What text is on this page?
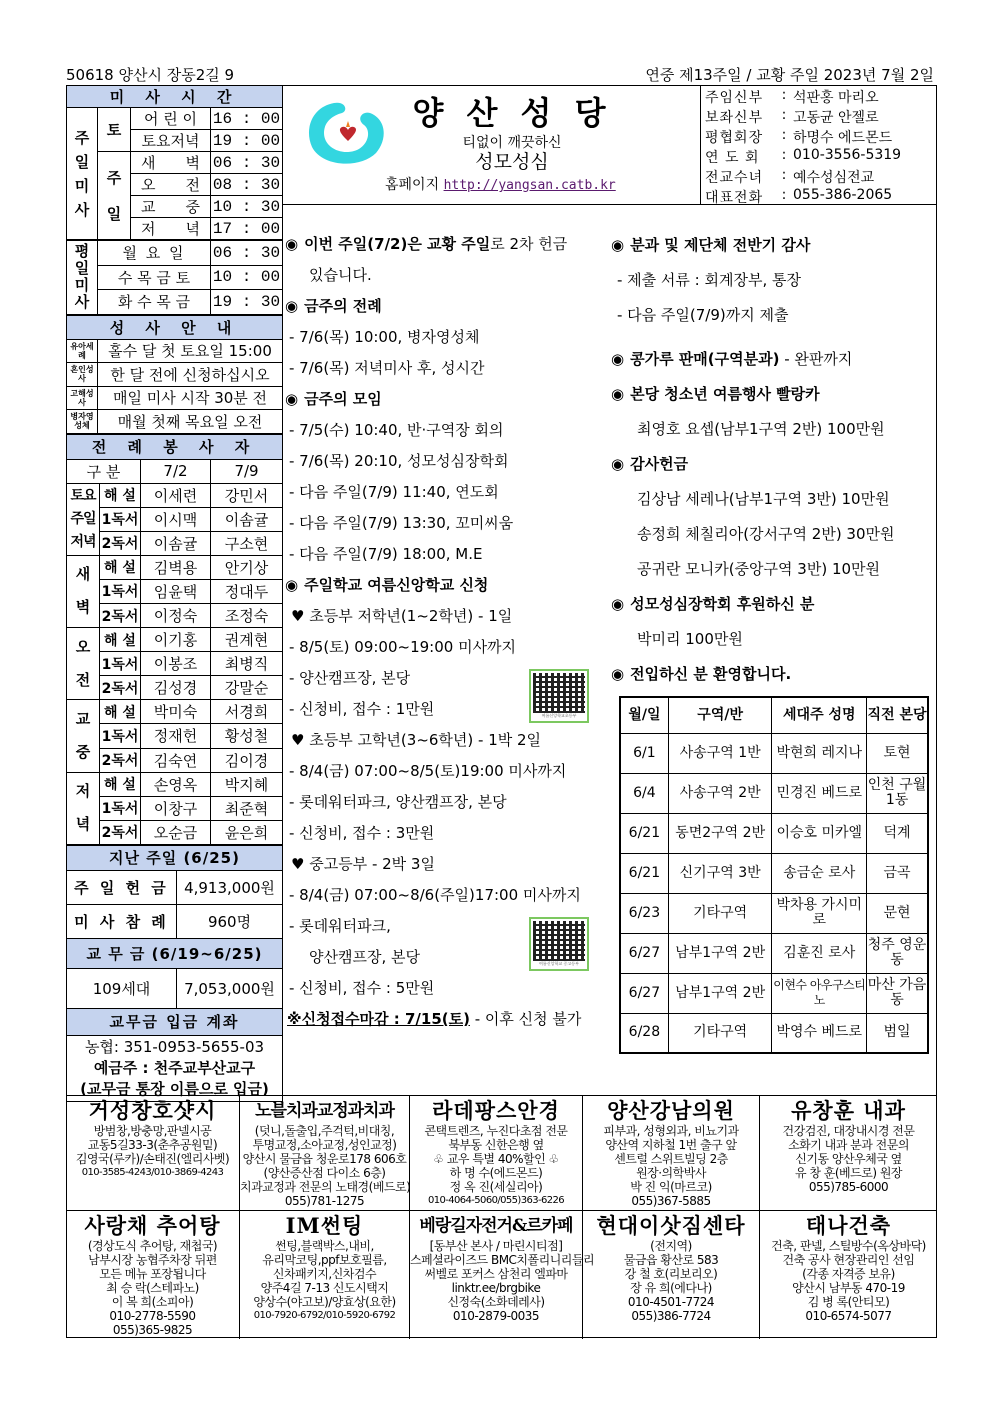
50618 양산시 장동2길 9	연중 제13주일 / 교황 주일 2023년 7월 2일
미 사 시 간			
주 일 미 사	토	어 린 이	16 : 00
		토요저녁	19 : 00
	주 일	새　　벽	06 : 30
		오　　전	08 : 30
		교　　중	10 : 30
		저　　녁	17 : 00
평 일 미 사	월 요 일	06 : 30
	수 목 금 토	10 : 00
	화 수 목 금	19 : 30
성 사 안 내	
유아세례	홀수 달 첫 토요일 15:00
혼인성사	한 달 전에 신청하십시오
고해성사	매일 미사 시작 30분 전
병자영성체	매월 첫째 목요일 오전
전 례 봉 사 자			
구 분		7/2	7/9
토요주일저녁	해 설	이세련	강민서
	1독서	이시맥	이솜귤
	2독서	이솜귤	구소현
새 벽	해 설	김벽용	안기상
	1독서	임윤택	정대두
	2독서	이정숙	조정숙
오 전	해 설	이기홍	권계현
	1독서	이봉조	최병직
	2독서	김성경	강말순
교 중	해 설	박미숙	서경희
	1독서	정재헌	황성철
	2독서	김숙연	김이경
저 녁	해 설	손영옥	박지혜
	1독서	이창구	최준혁
	2독서	오순금	윤은희
지난 주일 (6/25)	
주 일 헌 금	4,913,000원
미 사 참 례	960명
교 무 금 (6/19~6/25)	
109세대	7,053,000원
교무금 입금 계좌	

농협: 351-0953-5655-03
예금주 : 천주교부산교구
(교무금 통장 이름으로 입금)	
양 산 성 당
티없이 깨끗하신
성모성심
홈페이지 http://yangsan.catb.kr
주임신부	: 석판홍 마리오
보좌신부	: 고동균 안젤로
평협회장	: 하명수 에드몬드
연 도 회	: 010-3556-5319
전교수녀	: 예수성심전교
대표전화	: 055-386-2065
◉ 이번 주일(7/2)은 교황 주일로 2차 헌금
있습니다.
◉ 금주의 전례
- 7/6(목) 10:00, 병자영성체
- 7/6(목) 저녁미사 후, 성시간
◉ 금주의 모임
- 7/5(수) 10:40, 반·구역장 회의
- 7/6(목) 20:10, 성모성심장학회
- 다음 주일(7/9) 11:40, 연도회
- 다음 주일(7/9) 13:30, 꼬미씨움
- 다음 주일(7/9) 18:00, M.E
◉ 주일학교 여름신앙학교 신청
♥ 초등부 저학년(1~2학년) - 1일
- 8/5(토) 09:00~19:00 미사까지
- 양산캠프장, 본당
여름신앙학교초등부
- 신청비, 접수 : 1만원
♥ 초등부 고학년(3~6학년) - 1박 2일
- 8/4(금) 07:00~8/5(토)19:00 미사까지
- 롯데워터파크, 양산캠프장, 본당
- 신청비, 접수 : 3만원
♥ 중고등부 - 2박 3일
- 8/4(금) 07:00~8/6(주일)17:00 미사까지
- 롯데워터파크,
여름신앙학교 중고등부
양산캠프장, 본당
- 신청비, 접수 : 5만원
※신청접수마감 : 7/15(토) - 이후 신청 불가
◉ 분과 및 제단체 전반기 감사
- 제출 서류 : 회계장부, 통장
- 다음 주일(7/9)까지 제출
◉ 콩가루 판매(구역분과) - 완판까지
◉ 본당 청소년 여름행사 빨랑카
최영호 요셉(남부1구역 2반) 100만원
◉ 감사헌금
김상남 세레나(남부1구역 3반) 10만원
송정희 체칠리아(강서구역 2반) 30만원
공귀란 모니카(중앙구역 3반) 10만원
◉ 성모성심장학회 후원하신 분
박미리 100만원
◉ 전입하신 분 환영합니다.
월/일	구역/반	세대주 성명	직전 본당
6/1	사송구역 1반	박현희 레지나	토현
6/4	사송구역 2반	민경진 베드로	인천 구월1동
6/21	동면2구역 2반	이승호 미카엘	덕계
6/21	신기구역 3반	송금순 로사	금곡
6/23	기타구역	박차용 가시미로	문현
6/27	남부1구역 2반	김훈진 로사	청주 영운동
6/27	남부1구역 2반	이현수 아우구스티노	마산 가음동
6/28	기타구역	박영수 베드로	범일
거성창호샷시
방범창,방충망,판넬시공
교동5길33-3(춘추공원밑)
김영국(루카)/손태진(엘리사벳)
010-3585-4243/010-3869-4243
노블치과교정과치과
(덧니,돌출입,주걱턱,비대칭,
투명교정,소아교정,성인교정)
양산시 물금읍 청운로178 606호
(양산증산점 다이소 6층)
치과교정과 전문의 노태경(베드로)
055)781-1275
라데팡스안경
콘택트렌즈, 누진다초점 전문
북부동 신한은행 옆
♧ 교우 특별 40%할인 ♧
하 명 수(에드몬드)
정 옥 진(세실리아)
010-4064-5060/055)363-6226
양산강남의원
피부과, 성형외과, 비뇨기과
양산역 지하철 1번 출구 앞
센트럴 스위트빌딩 2층
원장·의학박사
박 진 익(마르코)
055)367-5885
유창훈 내과
건강검진, 대장내시경 전문
소화기 내과 분과 전문의
신기동 양산우체국 옆
유 창 훈(베드로) 원장
055)785-6000
사랑채 추어탕
(경상도식 추어탕, 재첩국)
남부시장 농협주차장 뒤편
모든 메뉴 포장됩니다
최 승 락(스테파노)
이 복 희(소피아)
010-2778-5590
055)365-9825
IM썬팅
썬팅,블랙박스,내비,
유리막코팅,ppf보호필름,
신차패키지,신차검수
양주4길 7-13 신도시택지
양상수(야고보)/양효상(요한)
010-7920-6792/010-5920-6792
베랑길자전거&르카페
[동부산 본사 / 마린시티점]
스페셜라이즈드 BMC치폴리니리들리
써벨로 포커스 삼천리 엘파마
linktr.ee/brgbike
신정숙(소화데레사)
010-2879-0035
현대이삿짐센타
(전지역)
물금읍 황산로 583
강 철 호(리보리오)
장 유 희(에다나)
010-4501-7724
055)386-7724
태나건축
건축, 판넬, 스틸방수(옥상바닥)
건축 공사 현장관리인 선임
(각종 자격증 보유)
양산시 남부동 470-19
김 병 록(안티모)
010-6574-5077
